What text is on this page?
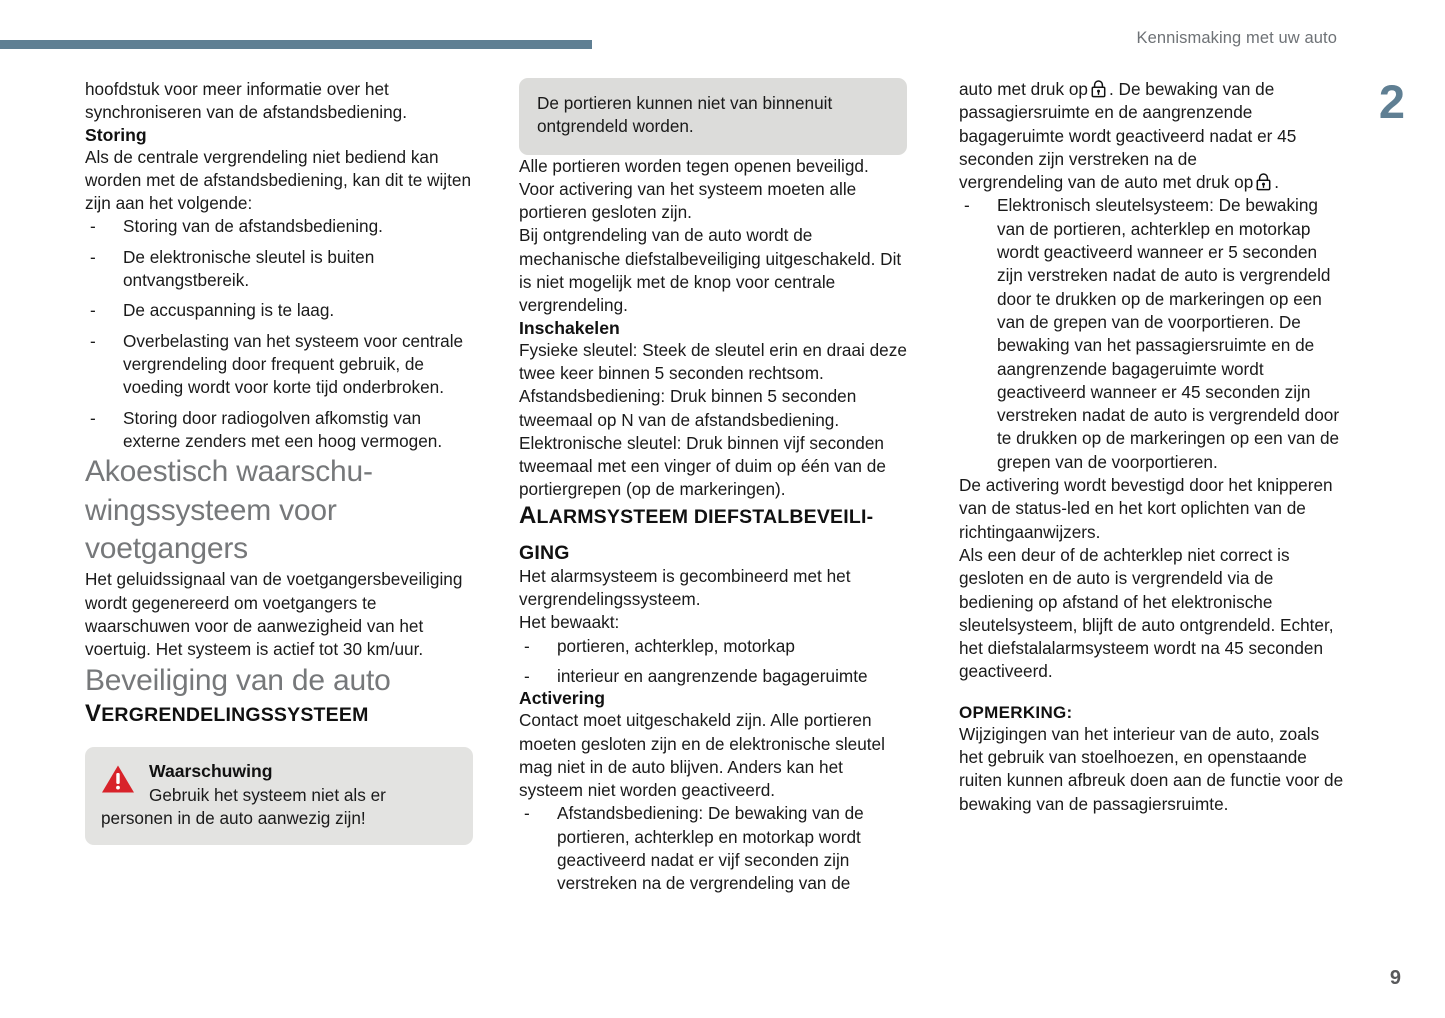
Kennismaking met uw auto
2
9

hoofdstuk voor meer informatie over het synchroniseren van de afstandsbediening.

Storing

Als de centrale vergrendeling niet bediend kan worden met de afstandsbediening, kan dit te wijten zijn aan het volgende:

- Storing van de afstandsbediening.
- De elektronische sleutel is buiten ontvangstbereik.
- De accuspanning is te laag.
- Overbelasting van het systeem voor centrale vergrendeling door frequent gebruik, de voeding wordt voor korte tijd onderbroken.
- Storing door radiogolven afkomstig van externe zenders met een hoog vermogen.
Akoestisch waarschuwingssysteem voor voetgangers

Het geluidssignaal van de voetgangersbeveiliging wordt gegenereerd om voetgangers te waarschuwen voor de aanwezigheid van het voertuig. Het systeem is actief tot 30 km/uur.

Beveiliging van de auto
VERGRENDELINGSSYSTEEM
Waarschuwing
Gebruik het systeem niet als er
personen in de auto aanwezig zijn!
De portieren kunnen niet van binnenuit ontgrendeld worden.

Alle portieren worden tegen openen beveiligd. Voor activering van het systeem moeten alle portieren gesloten zijn.

Bij ontgrendeling van de auto wordt de mechanische diefstalbeveiliging uitgeschakeld. Dit is niet mogelijk met de knop voor centrale vergrendeling.

Inschakelen

Fysieke sleutel: Steek de sleutel erin en draai deze twee keer binnen 5 seconden rechtsom.

Afstandsbediening: Druk binnen 5 seconden tweemaal op N van de afstandsbediening.

Elektronische sleutel: Druk binnen vijf seconden tweemaal met een vinger of duim op één van de portiergrepen (op de markeringen).

ALARMSYSTEEM DIEFSTALBEVEILI-
GING

Het alarmsysteem is gecombineerd met het vergrendelingssysteem.

Het bewaakt:

- portieren, achterklep, motorkap
- interieur en aangrenzende bagageruimte
Activering

Contact moet uitgeschakeld zijn. Alle portieren moeten gesloten zijn en de elektronische sleutel mag niet in de auto blijven. Anders kan het systeem niet worden geactiveerd.

- Afstandsbediening: De bewaking van de portieren, achterklep en motorkap wordt geactiveerd nadat er vijf seconden zijn verstreken na de vergrendeling van de

auto met druk op . De bewaking van de passagiersruimte en de aangrenzende bagageruimte wordt geactiveerd nadat er 45 seconden zijn verstreken na de

vergrendeling van de auto met druk op .

- Elektronisch sleutelsysteem: De bewaking van de portieren, achterklep en motorkap wordt geactiveerd wanneer er 5 seconden zijn verstreken nadat de auto is vergrendeld door te drukken op de markeringen op een van de grepen van de voorportieren. De bewaking van het passagiersruimte en de aangrenzende bagageruimte wordt geactiveerd wanneer er 45 seconden zijn verstreken nadat de auto is vergrendeld door te drukken op de markeringen op een van de grepen van de voorportieren.

De activering wordt bevestigd door het knipperen van de status-led en het kort oplichten van de richtingaanwijzers.

Als een deur of de achterklep niet correct is gesloten en de auto is vergrendeld via de bediening op afstand of het elektronische sleutelsysteem, blijft de auto ontgrendeld. Echter, het diefstalalarmsysteem wordt na 45 seconden geactiveerd.

OPMERKING:

Wijzigingen van het interieur van de auto, zoals het gebruik van stoelhoezen, en openstaande ruiten kunnen afbreuk doen aan de functie voor de bewaking van de passagiersruimte.
